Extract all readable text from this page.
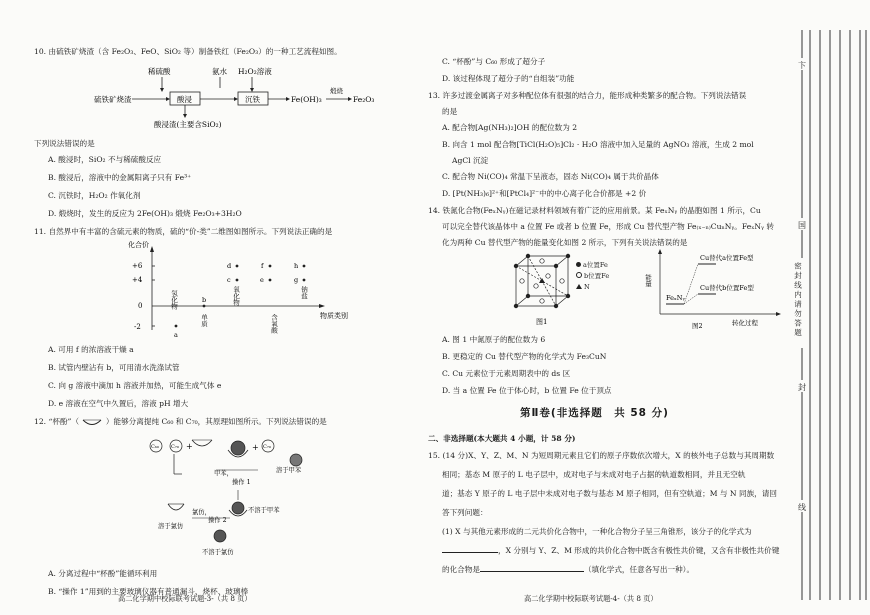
10. 由硫铁矿烧渣（含 Fe₂O₃、FeO、SiO₂ 等）制备铁红（Fe₂O₃）的一种工艺流程如图。
硫铁矿烧渣
稀硫酸
酸浸
氨水 H₂O₂溶液
沉铁	Fe(OH)₃
煅烧
Fe₂O₃
酸浸渣(主要含SiO₂)
下列说法错误的是
A. 酸浸时，SiO₂ 不与稀硫酸反应
B. 酸浸后，溶液中的金属阳离子只有 Fe³⁺
C. 沉铁时，H₂O₂ 作氧化剂
D. 煅烧时，发生的反应为 2Fe(OH)₃ 煅烧 Fe₂O₃+3H₂O
11. 自然界中有丰富的含硫元素的物质，硫的“价-类”二维图如图所示。下列说法正确的是
化合价
物质类别
+6
+4
0
-2
氢化物
单质
氧化物
含氧酸
钠盐
a
b
c
d
e
f
g
h
A. 可用 f 的浓溶液干燥 a
B. 试管内壁沾有 b，可用清水洗涤试管
C. 向 g 溶液中滴加 h 溶液并加热，可能生成气体 e
D. e 溶液在空气中久置后，溶液 pH 增大
12. “杯酚”（	）能够分离提纯 C₆₀ 和 C₇₀，其原理如图所示。下列说法错误的是
C₆₀ C₇₀ +	+ C₇₀
甲苯，
操作 1
溶于甲苯
不溶于甲苯
氯仿，
操作 2
溶于氯仿
不溶于氯仿
A. 分离过程中“杯酚”能循环利用
B. “操作 1”用到的主要玻璃仪器有普通漏斗、烧杯、玻璃棒
高二化学期中校际联考试题-3-（共 8 页）
C. “杯酚”与 C₆₀ 形成了超分子
D. 该过程体现了超分子的“自组装”功能
13. 许多过渡金属离子对多种配位体有很强的结合力，能形成种类繁多的配合物。下列说法错误
的是
A. 配合物[Ag(NH₃)₂]OH 的配位数为 2
B. 向含 1 mol 配合物[TiCl(H₂O)₅]Cl₂ · H₂O 溶液中加入足量的 AgNO₃ 溶液，生成 2 mol
AgCl 沉淀
C. 配合物 Ni(CO)₄ 常温下呈液态，固态 Ni(CO)₄ 属于共价晶体
D. [Pt(NH₃)₆]²⁺和[PtCl₄]²⁻中的中心离子化合价都是 +2 价
14. 铁氮化合物(FeₓNᵧ)在磁记录材料领域有着广泛的应用前景。某 FeₓNᵧ 的晶胞如图 1 所示，Cu
可以完全替代该晶体中 a 位置 Fe 或者 b 位置 Fe，形成 Cu 替代型产物 Fe₍ₓ₋ₙ₎CuₙNᵧ。FeₓNᵧ 转
化为两种 Cu 替代型产物的能量变化如图 2 所示，下列有关说法错误的是
图1
a位置Fe
b位置Fe
N	能量
FeₓNᵧ
Cu替代a位置Fe型
Cu替代b位置Fe型
转化过程
图2
A. 图 1 中氮原子的配位数为 6
B. 更稳定的 Cu 替代型产物的化学式为 Fe₃CuN
C. Cu 元素位于元素周期表中的 ds 区
D. 当 a 位置 Fe 位于体心时，b 位置 Fe 位于顶点
第Ⅱ卷(非选择题　共 58 分)
二、非选择题(本大题共 4 小题，计 58 分)
15. (14 分)X、Y、Z、M、N 为短周期元素且它们的原子序数依次增大，X 的核外电子总数与其周期数
相同；基态 M 原子的 L 电子层中，成对电子与未成对电子占据的轨道数相同，并且无空轨
道；基态 Y 原子的 L 电子层中未成对电子数与基态 M 原子相同，但有空轨道；M 与 N 同族，请回
答下列问题：
(1) X 与其他元素形成的二元共价化合物中，一种化合物分子呈三角锥形，该分子的化学式为
，X 分别与 Y、Z、M 形成的共价化合物中既含有极性共价键，又含有非极性共价键
的化合物是	（填化学式，任意各写出一种）。
高二化学期中校际联考试题-4-（共 8 页）
卞
国
密封线内请勿答题
封
线
